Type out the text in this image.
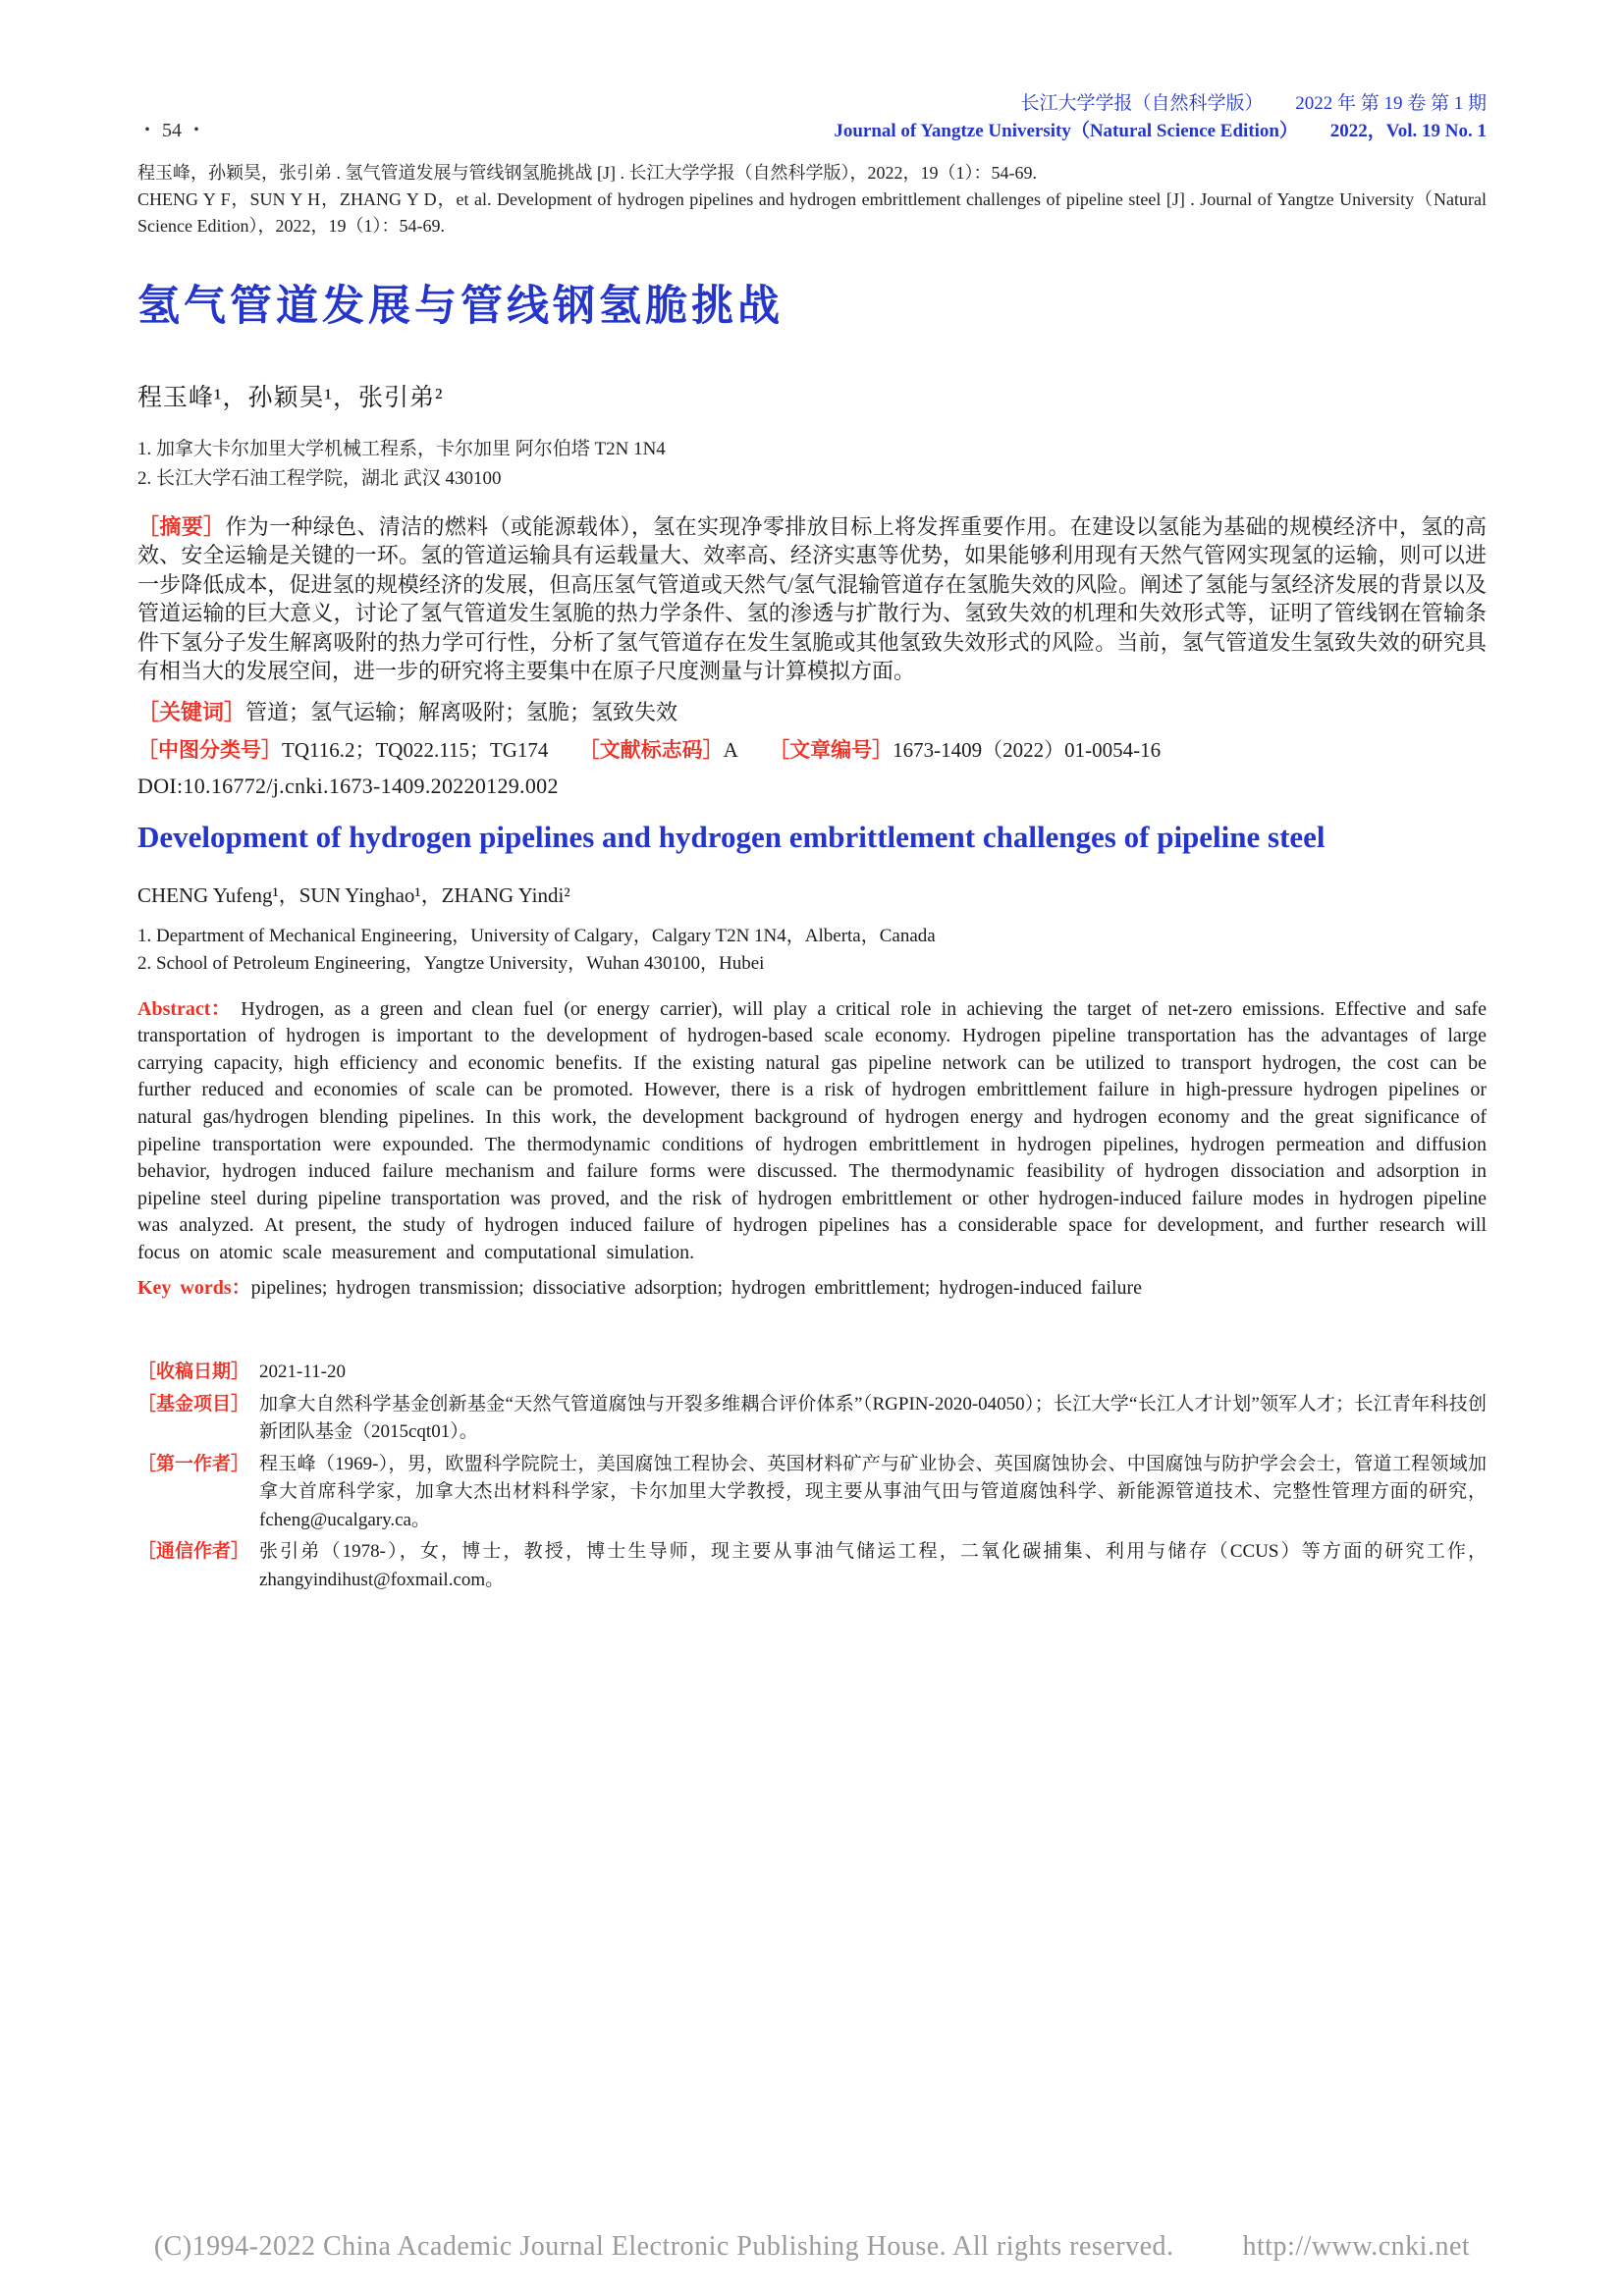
・ 54 ・
长江大学学报（自然科学版） 2022 年 第 19 卷 第 1 期
Journal of Yangtze University（Natural Science Edition） 2022，Vol. 19 No. 1

程玉峰，孙颖昊，张引弟 . 氢气管道发展与管线钢氢脆挑战 [J] . 长江大学学报（自然科学版），2022，19（1）：54-69.

CHENG Y F，SUN Y H，ZHANG Y D，et al. Development of hydrogen pipelines and hydrogen embrittlement challenges of pipeline steel [J] . Journal of Yangtze University（Natural Science Edition），2022，19（1）：54-69.

氢气管道发展与管线钢氢脆挑战
程玉峰¹，孙颖昊¹，张引弟²
1. 加拿大卡尔加里大学机械工程系，卡尔加里 阿尔伯塔 T2N 1N4
2. 长江大学石油工程学院，湖北 武汉 430100

［摘要］作为一种绿色、清洁的燃料（或能源载体），氢在实现净零排放目标上将发挥重要作用。在建设以氢能为基础的规模经济中，氢的高效、安全运输是关键的一环。氢的管道运输具有运载量大、效率高、经济实惠等优势，如果能够利用现有天然气管网实现氢的运输，则可以进一步降低成本，促进氢的规模经济的发展，但高压氢气管道或天然气/氢气混输管道存在氢脆失效的风险。阐述了氢能与氢经济发展的背景以及管道运输的巨大意义，讨论了氢气管道发生氢脆的热力学条件、氢的渗透与扩散行为、氢致失效的机理和失效形式等，证明了管线钢在管输条件下氢分子发生解离吸附的热力学可行性，分析了氢气管道存在发生氢脆或其他氢致失效形式的风险。当前，氢气管道发生氢致失效的研究具有相当大的发展空间，进一步的研究将主要集中在原子尺度测量与计算模拟方面。

［关键词］管道；氢气运输；解离吸附；氢脆；氢致失效

［中图分类号］TQ116.2；TQ022.115；TG174 ［文献标志码］A ［文章编号］1673-1409（2022）01-0054-16

DOI:10.16772/j.cnki.1673-1409.20220129.002

Development of hydrogen pipelines and hydrogen embrittlement challenges of pipeline steel
CHENG Yufeng¹，SUN Yinghao¹，ZHANG Yindi²
1. Department of Mechanical Engineering，University of Calgary，Calgary T2N 1N4，Alberta，Canada
2. School of Petroleum Engineering，Yangtze University，Wuhan 430100，Hubei

Abstract： Hydrogen, as a green and clean fuel (or energy carrier), will play a critical role in achieving the target of net-zero emissions. Effective and safe transportation of hydrogen is important to the development of hydrogen-based scale economy. Hydrogen pipeline transportation has the advantages of large carrying capacity, high efficiency and economic benefits. If the existing natural gas pipeline network can be utilized to transport hydrogen, the cost can be further reduced and economies of scale can be promoted. However, there is a risk of hydrogen embrittlement failure in high-pressure hydrogen pipelines or natural gas/hydrogen blending pipelines. In this work, the development background of hydrogen energy and hydrogen economy and the great significance of pipeline transportation were expounded. The thermodynamic conditions of hydrogen embrittlement in hydrogen pipelines, hydrogen permeation and diffusion behavior, hydrogen induced failure mechanism and failure forms were discussed. The thermodynamic feasibility of hydrogen dissociation and adsorption in pipeline steel during pipeline transportation was proved, and the risk of hydrogen embrittlement or other hydrogen-induced failure modes in hydrogen pipeline was analyzed. At present, the study of hydrogen induced failure of hydrogen pipelines has a considerable space for development, and further research will focus on atomic scale measurement and computational simulation.

Key words：pipelines; hydrogen transmission; dissociative adsorption; hydrogen embrittlement; hydrogen-induced failure

［收稿日期］ 2021-11-20
［基金项目］ 加拿大自然科学基金创新基金“天然气管道腐蚀与开裂多维耦合评价体系”（RGPIN-2020-04050）；长江大学“长江人才计划”领军人才；长江青年科技创新团队基金（2015cqt01）。
［第一作者］ 程玉峰（1969-），男，欧盟科学院院士，美国腐蚀工程协会、英国材料矿产与矿业协会、英国腐蚀协会、中国腐蚀与防护学会会士，管道工程领域加拿大首席科学家，加拿大杰出材料科学家，卡尔加里大学教授，现主要从事油气田与管道腐蚀科学、新能源管道技术、完整性管理方面的研究，fcheng@ucalgary.ca。
［通信作者］ 张引弟（1978-），女，博士，教授，博士生导师，现主要从事油气储运工程，二氧化碳捕集、利用与储存（CCUS）等方面的研究工作，zhangyindihust@foxmail.com。
(C)1994-2022 China Academic Journal Electronic Publishing House. All rights reserved.	http://www.cnki.net
